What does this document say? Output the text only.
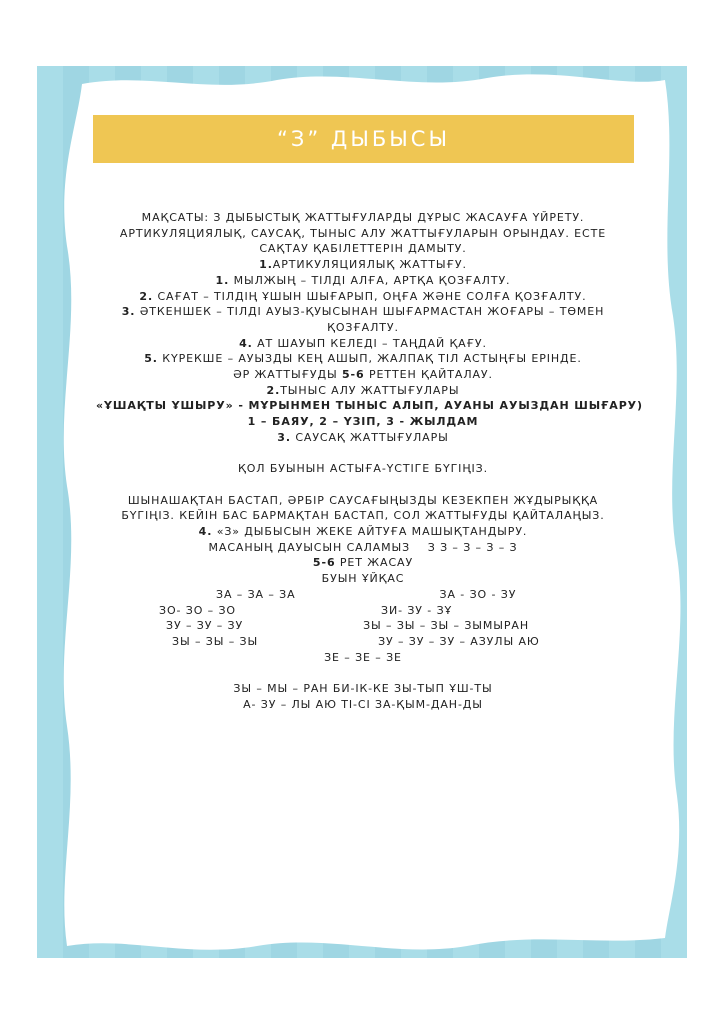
“З” ДЫБЫСЫ
МАҚСАТЫ: З ДЫБЫСТЫҚ ЖАТТЫҒУЛАРДЫ ДҰРЫС ЖАСАУҒА ҮЙРЕТУ.
АРТИКУЛЯЦИЯЛЫҚ, САУСАҚ, ТЫНЫС АЛУ ЖАТТЫҒУЛАРЫН ОРЫНДАУ. ЕСТЕ
САҚТАУ ҚАБІЛЕТТЕРІН ДАМЫТУ.
1.АРТИКУЛЯЦИЯЛЫҚ ЖАТТЫҒУ.
1. МЫЛЖЫҢ – ТІЛДІ АЛҒА, АРТҚА ҚОЗҒАЛТУ.
2. САҒАТ – ТІЛДІҢ ҰШЫН ШЫҒАРЫП, ОҢҒА ЖӘНЕ СОЛҒА ҚОЗҒАЛТУ.
3. ӘТКЕНШЕК – ТІЛДІ АУЫЗ-ҚУЫСЫНАН ШЫҒАРМАСТАН ЖОҒАРЫ – ТӨМЕН
ҚОЗҒАЛТУ.
4. АТ ШАУЫП КЕЛЕДІ – ТАҢДАЙ ҚАҒУ.
5. КҮРЕКШЕ – АУЫЗДЫ КЕҢ АШЫП, ЖАЛПАҚ ТІЛ АСТЫҢҒЫ ЕРІНДЕ.
ӘР ЖАТТЫҒУДЫ 5-6 РЕТТЕН ҚАЙТАЛАУ.
2.ТЫНЫС АЛУ ЖАТТЫҒУЛАРЫ
«ҰШАҚТЫ ҰШЫРУ» - МҰРЫНМЕН ТЫНЫС АЛЫП, АУАНЫ АУЫЗДАН ШЫҒАРУ)
1 – БАЯУ, 2 – ҮЗІП, 3 - ЖЫЛДАМ
3. САУСАҚ ЖАТТЫҒУЛАРЫ
ҚОЛ БУЫНЫН АСТЫҒА-ҮСТІГЕ БҮГІҢІЗ.
ШЫНАШАҚТАН БАСТАП, ӘРБІР САУСАҒЫҢЫЗДЫ КЕЗЕКПЕН ЖҰДЫРЫҚҚА
БҮГІҢІЗ. КЕЙІН БАС БАРМАҚТАН БАСТАП, СОЛ ЖАТТЫҒУДЫ ҚАЙТАЛАҢЫЗ.
4. «З» ДЫБЫСЫН ЖЕКЕ АЙТУҒА МАШЫҚТАНДЫРУ.
МАСАНЫҢ ДАУЫСЫН САЛАМЫЗ З З – З – З – З
5-6 РЕТ ЖАСАУ
БУЫН ҰЙҚАС
ЗА – ЗА – ЗА	ЗА - ЗО - ЗУ
ЗО- ЗО – ЗО	ЗИ- ЗУ - ЗҰ
ЗУ – ЗУ – ЗУ	ЗЫ – ЗЫ – ЗЫ – ЗЫМЫРАН
ЗЫ – ЗЫ – ЗЫ	ЗУ – ЗУ – ЗУ – АЗУЛЫ АЮ
ЗЕ – ЗЕ – ЗЕ
ЗЫ – МЫ – РАН БИ-ІК-КЕ ЗЫ-ТЫП ҰШ-ТЫ
А- ЗУ – ЛЫ АЮ ТІ-СІ ЗА-ҚЫМ-ДАН-ДЫ
